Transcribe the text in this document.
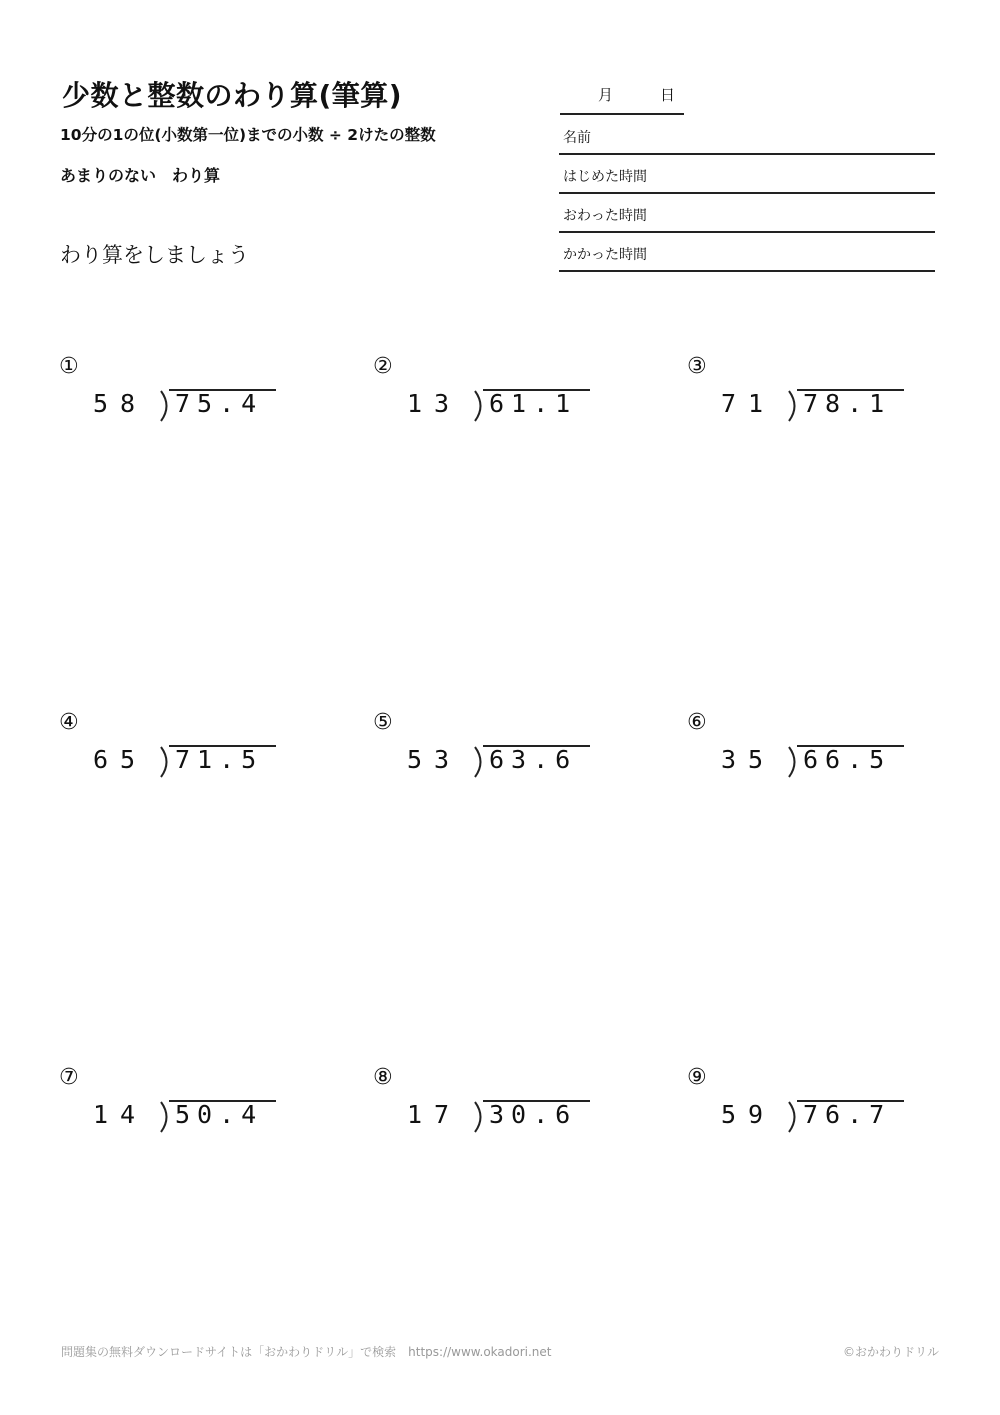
少数と整数のわり算(筆算)
10分の1の位(小数第一位)までの小数 ÷ 2けたの整数
あまりのない　わり算
わり算をしましょう
月	日
名前
はじめた時間
おわった時間
かかった時間
①
58 75.4
②
13 61.1
③
71 78.1
④
65 71.5
⑤
53 63.6
⑥
35 66.5
⑦
14 50.4
⑧
17 30.6
⑨
59 76.7
問題集の無料ダウンロードサイトは「おかわりドリル」で検索　https://www.okadori.net	©おかわりドリル
